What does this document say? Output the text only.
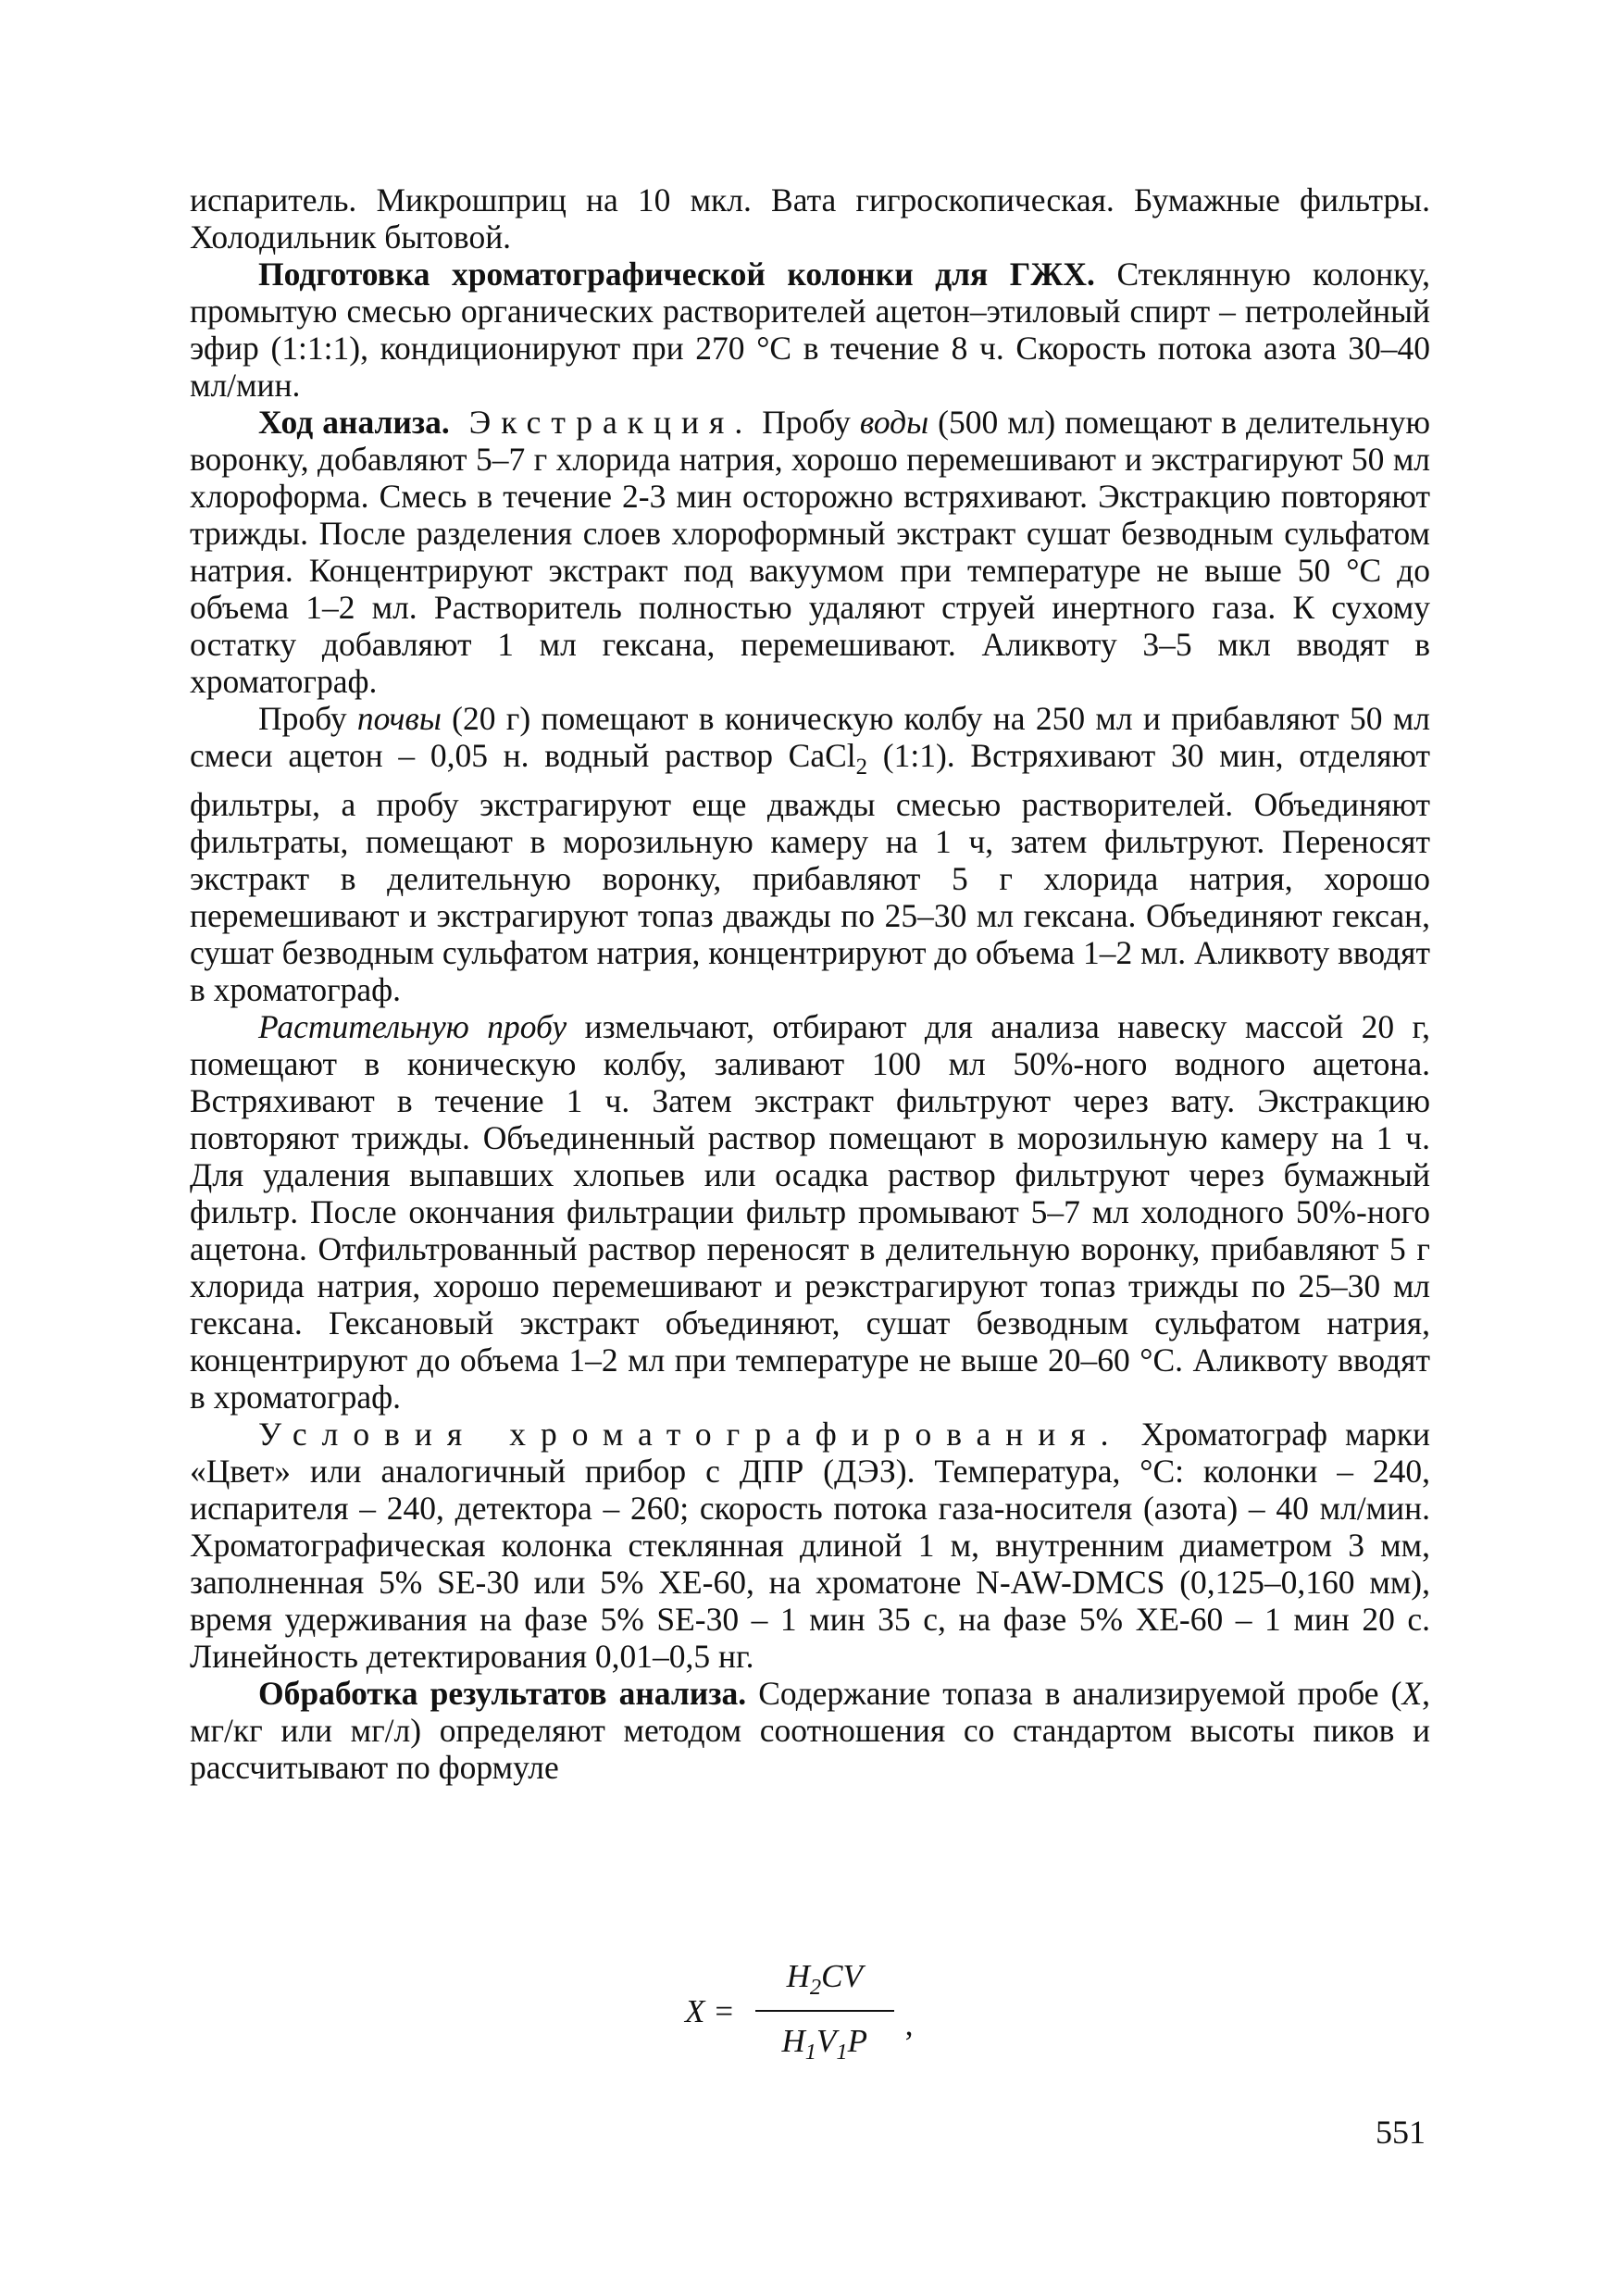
испаритель. Микрошприц на 10 мкл. Вата гигроскопическая. Бумажные фильтры. Холодильник бытовой.

Подготовка хроматографической колонки для ГЖХ. Стеклянную колонку, промытую смесью органических растворителей ацетон–этиловый спирт – петролейный эфир (1:1:1), кондиционируют при 270 °С в течение 8 ч. Скорость потока азота 30–40 мл/мин.

Ход анализа. Экстракция. Пробу воды (500 мл) помещают в делительную воронку, добавляют 5–7 г хлорида натрия, хорошо перемешивают и экстрагируют 50 мл хлороформа. Смесь в течение 2-3 мин осторожно встряхивают. Экстракцию повторяют трижды. После разделения слоев хлороформный экстракт сушат безводным сульфатом натрия. Концентрируют экстракт под вакуумом при температуре не выше 50 °С до объема 1–2 мл. Растворитель полностью удаляют струей инертного газа. К сухому остатку добавляют 1 мл гексана, перемешивают. Аликвоту 3–5 мкл вводят в хроматограф.

Пробу почвы (20 г) помещают в коническую колбу на 250 мл и прибавляют 50 мл смеси ацетон – 0,05 н. водный раствор CaCl$_2$ (1:1). Встряхивают 30 мин, отделяют фильтры, а пробу экстрагируют еще дважды смесью растворителей. Объединяют фильтраты, помещают в морозильную камеру на 1 ч, затем фильтруют. Переносят экстракт в делительную воронку, прибавляют 5 г хлорида натрия, хорошо перемешивают и экстрагируют топаз дважды по 25–30 мл гексана. Объединяют гексан, сушат безводным сульфатом натрия, концентрируют до объема 1–2 мл. Аликвоту вводят в хроматограф.

Растительную пробу измельчают, отбирают для анализа навеску массой 20 г, помещают в коническую колбу, заливают 100 мл 50%-ного водного ацетона. Встряхивают в течение 1 ч. Затем экстракт фильтруют через вату. Экстракцию повторяют трижды. Объединенный раствор помещают в морозильную камеру на 1 ч. Для удаления выпавших хлопьев или осадка раствор фильтруют через бумажный фильтр. После окончания фильтрации фильтр промывают 5–7 мл холодного 50%-ного ацетона. Отфильтрованный раствор переносят в делительную воронку, прибавляют 5 г хлорида натрия, хорошо перемешивают и реэкстрагируют топаз трижды по 25–30 мл гексана. Гексановый экстракт объединяют, сушат безводным сульфатом натрия, концентрируют до объема 1–2 мл при температуре не выше 20–60 °С. Аликвоту вводят в хроматограф.

Условия хроматографирования. Хроматограф марки «Цвет» или аналогичный прибор с ДПР (ДЭЗ). Температура, °С: колонки – 240, испарителя – 240, детектора – 260; скорость потока газа-носителя (азота) – 40 мл/мин. Хроматографическая колонка стеклянная длиной 1 м, внутренним диаметром 3 мм, заполненная 5% SE-30 или 5% XE-60, на хроматоне N-AW-DMCS (0,125–0,160 мм), время удерживания на фазе 5% SE-30 – 1 мин 35 с, на фазе 5% XE-60 – 1 мин 20 с. Линейность детектирования 0,01–0,5 нг.

Обработка результатов анализа. Содержание топаза в анализируемой пробе (X, мг/кг или мг/л) определяют методом соотношения со стандартом высоты пиков и рассчитывают по формуле

$X = \frac{H_2CV}{H_1V_1P}$ ,
551
